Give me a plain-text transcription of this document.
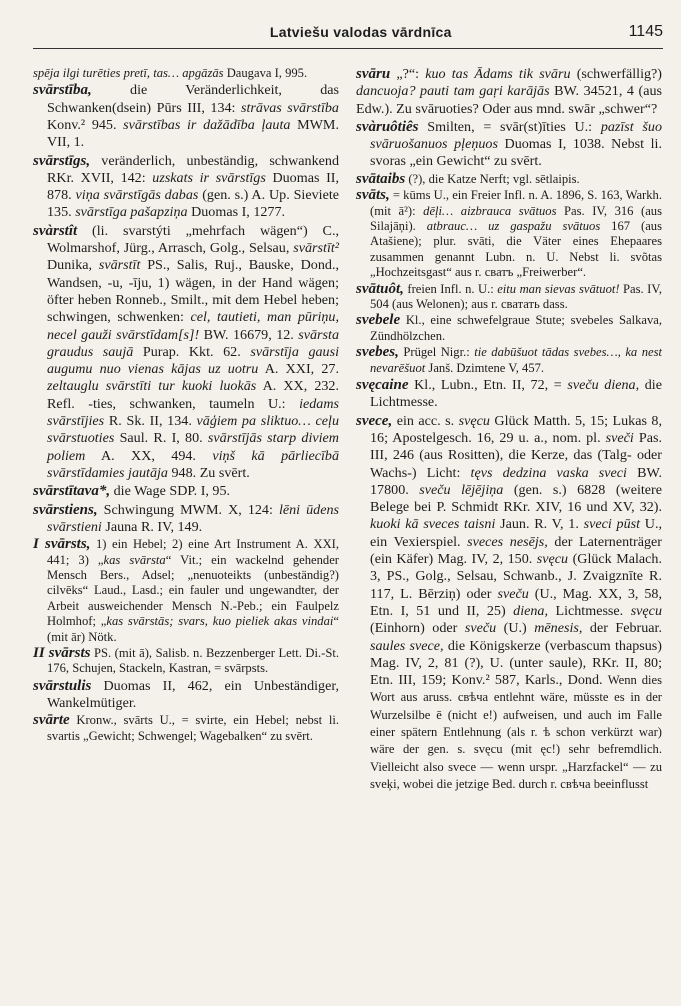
Latviešu valodas vārdnīca	1145

spēja ilgi turēties pretī, tas… apgāzās Daugava I, 995.

svārstība, die Veränderlichkeit, das Schwanken(dsein) Pūrs III, 134: strāvas svārstība Konv.² 945. svārstības ir dažādība ļauta MWM. VII, 1.

svārstīgs, veränderlich, unbeständig, schwankend RKr. XVII, 142: uzskats ir svārstīgs Duomas II, 878. viņa svārstīgās dabas (gen. s.) A. Up. Sieviete 135. svārstīga pašapziņa Duomas I, 1277.

svàrstît (li. svarstýti „mehrfach wägen“) C., Wolmarshof, Jürg., Arrasch, Golg., Selsau, svārstīt² Dunika, svārstīt PS., Salis, Ruj., Bauske, Dond., Wandsen, -u, -īju, 1) wägen, in der Hand wägen; öfter heben Ronneb., Smilt., mit dem Hebel heben; schwingen, schwenken: cel, tautieti, man pūriņu, necel gauži svārstīdam[s]! BW. 16679, 12. svārsta graudus saujā Purap. Kkt. 62. svārstīja gausi augumu nuo vienas kājas uz uotru A. XXI, 27. zeltauglu svārstīti tur kuoki luokās A. XX, 232. Refl. -ties, schwanken, taumeln U.: iedams svārstījies R. Sk. II, 134. vāģiem pa sliktuo… ceļu svārstuoties Saul. R. I, 80. svārstījās starp diviem poliem A. XX, 494. viņš kā pārliecībā svārstīdamies jautāja 948. Zu svērt.

svārstītava*, die Wage SDP. I, 95.

svārstiens, Schwingung MWM. X, 124: lēni ūdens svārstieni Jauna R. IV, 149.

I svārsts, 1) ein Hebel; 2) eine Art Instrument A. XXI, 441; 3) „kas svārsta“ Vit.; ein wackelnd gehender Mensch Bers., Adsel; „nenuoteikts (unbeständig?) cilvēks“ Laud., Lasd.; ein fauler und ungewandter, der Arbeit ausweichender Mensch N.-Peb.; ein Faulpelz Holmhof; „kas svārstās; svars, kuo pieliek akas vindai“ (mit ār) Nötk.

II svārsts PS. (mit ā), Salisb. n. Bezzenberger Lett. Di.-St. 176, Schujen, Stackeln, Kastran, = svārpsts.

svārstulis Duomas II, 462, ein Unbeständiger, Wankelmütiger.

svārte Kronw., svārts U., = svirte, ein Hebel; nebst li. svartis „Gewicht; Schwengel; Wagebalken“ zu svērt.

svāru „?“: kuo tas Ādams tik svāru (schwerfällig?) dancuoja? pauti tam gaŗi karājās BW. 34521, 4 (aus Edw.). Zu svāruoties? Oder aus mnd. swār „schwer“?

svàruôtiês Smilten, = svār(st)īties U.: pazīst šuo svāruošanuos pļeņuos Duomas I, 1038. Nebst li. svoras „ein Gewicht“ zu svērt.

svātaibs (?), die Katze Nerft; vgl. sētlaipis.

svāts, = kūms U., ein Freier Infl. n. A. 1896, S. 163, Warkh. (mit ā²): dēļi… aizbrauca svātuos Pas. IV, 316 (aus Silajāņi). atbrauc… uz gaspažu svātuos 167 (aus Atašiene); plur. svāti, die Väter eines Ehepaares zusammen genannt Lubn. n. U. Nebst li. svõtas „Hochzeitsgast“ aus r. сватъ „Freiwerber“.

svātuôt, freien Infl. n. U.: eitu man sievas svātuot! Pas. IV, 504 (aus Welonen); aus r. сватать dass.

svebele Kl., eine schwefelgraue Stute; svebeles Salkava, Zündhölzchen.

svebes, Prügel Nigr.: tie dabūšuot tādas svebes…, ka nest nevarēšuot Janš. Dzimtene V, 457.

svęcaine Kl., Lubn., Etn. II, 72, = sveču diena, die Lichtmesse.

svece, ein acc. s. svęcu Glück Matth. 5, 15; Lukas 8, 16; Apostelgesch. 16, 29 u. a., nom. pl. sveči Pas. III, 246 (aus Rositten), die Kerze, das (Talg- oder Wachs-) Licht: tęvs dedzina vaska sveci BW. 17800. sveču lējējiņa (gen. s.) 6828 (weitere Belege bei P. Schmidt RKr. XIV, 16 und XV, 32). kuoki kā sveces taisni Jaun. R. V, 1. sveci pūst U., ein Vexierspiel. sveces nesējs, der Laternenträger (ein Käfer) Mag. IV, 2, 150. svęcu (Glück Malach. 3, PS., Golg., Selsau, Schwanb., J. Zvaigznīte R. 117, L. Bērziņ) oder sveču (U., Mag. XX, 3, 58, Etn. I, 51 und II, 25) diena, Lichtmesse. svęcu (Einhorn) oder sveču (U.) mēnesis, der Februar. saules svece, die Königskerze (verbascum thapsus) Mag. IV, 2, 81 (?), U. (unter saule), RKr. II, 80; Etn. III, 159; Konv.² 587, Karls., Dond. Wenn dies Wort aus aruss. свѣча entlehnt wäre, müsste es in der Wurzelsilbe ē (nicht e!) aufweisen, und auch im Falle einer spätern Entlehnung (als r. ѣ schon verkürzt war) wäre der gen. s. svęcu (mit ęc!) sehr befremdlich. Vielleicht also svece — wenn urspr. „Harzfackel“ — zu sveķi, wobei die jetzige Bed. durch r. свѣча beeinflusst
